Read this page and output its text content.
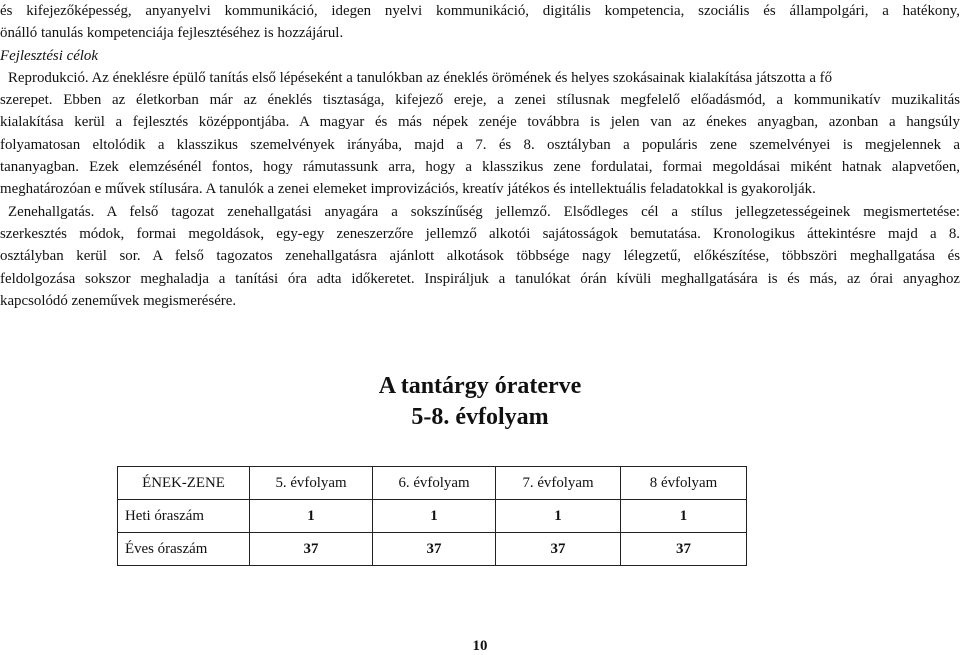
és kifejezőképesség, anyanyelvi kommunikáció, idegen nyelvi kommunikáció, digitális kompetencia, szociális és állampolgári, a hatékony,
önálló tanulás kompetenciája fejlesztéséhez is hozzájárul.
Fejlesztési célok
Reprodukció. Az éneklésre épülő tanítás első lépéseként a tanulókban az éneklés örömének és helyes szokásainak kialakítása játszotta a fő
szerepet. Ebben az életkorban már az éneklés tisztasága, kifejező ereje, a zenei stílusnak megfelelő előadásmód, a kommunikatív muzikalitás
kialakítása kerül a fejlesztés középpontjába. A magyar és más népek zenéje továbbra is jelen van az énekes anyagban, azonban a hangsúly
folyamatosan eltolódik a klasszikus szemelvények irányába, majd a 7. és 8. osztályban a populáris zene szemelvényei is megjelennek a
tananyagban. Ezek elemzésénél fontos, hogy rámutassunk arra, hogy a klasszikus zene fordulatai, formai megoldásai miként hatnak alapvetően,
meghatározóan e művek stílusára. A tanulók a zenei elemeket improvizációs, kreatív játékos és intellektuális feladatokkal is gyakorolják.
Zenehallgatás. A felső tagozat zenehallgatási anyagára a sokszínűség jellemző. Elsődleges cél a stílus jellegzetességeinek megismertetése:
szerkesztés módok, formai megoldások, egy-egy zeneszerzőre jellemző alkotói sajátosságok bemutatása. Kronologikus áttekintésre majd a 8.
osztályban kerül sor. A felső tagozatos zenehallgatásra ajánlott alkotások többsége nagy lélegzetű, előkészítése, többszöri meghallgatása és
feldolgozása sokszor meghaladja a tanítási óra adta időkeretet. Inspiráljuk a tanulókat órán kívüli meghallgatására is és más, az órai anyaghoz
kapcsolódó zeneművek megismerésére.
A tantárgy óraterve
5-8. évfolyam
ÉNEK-ZENE	5. évfolyam	6. évfolyam	7. évfolyam	8 évfolyam
Heti óraszám	1	1	1	1
Éves óraszám	37	37	37	37
10
